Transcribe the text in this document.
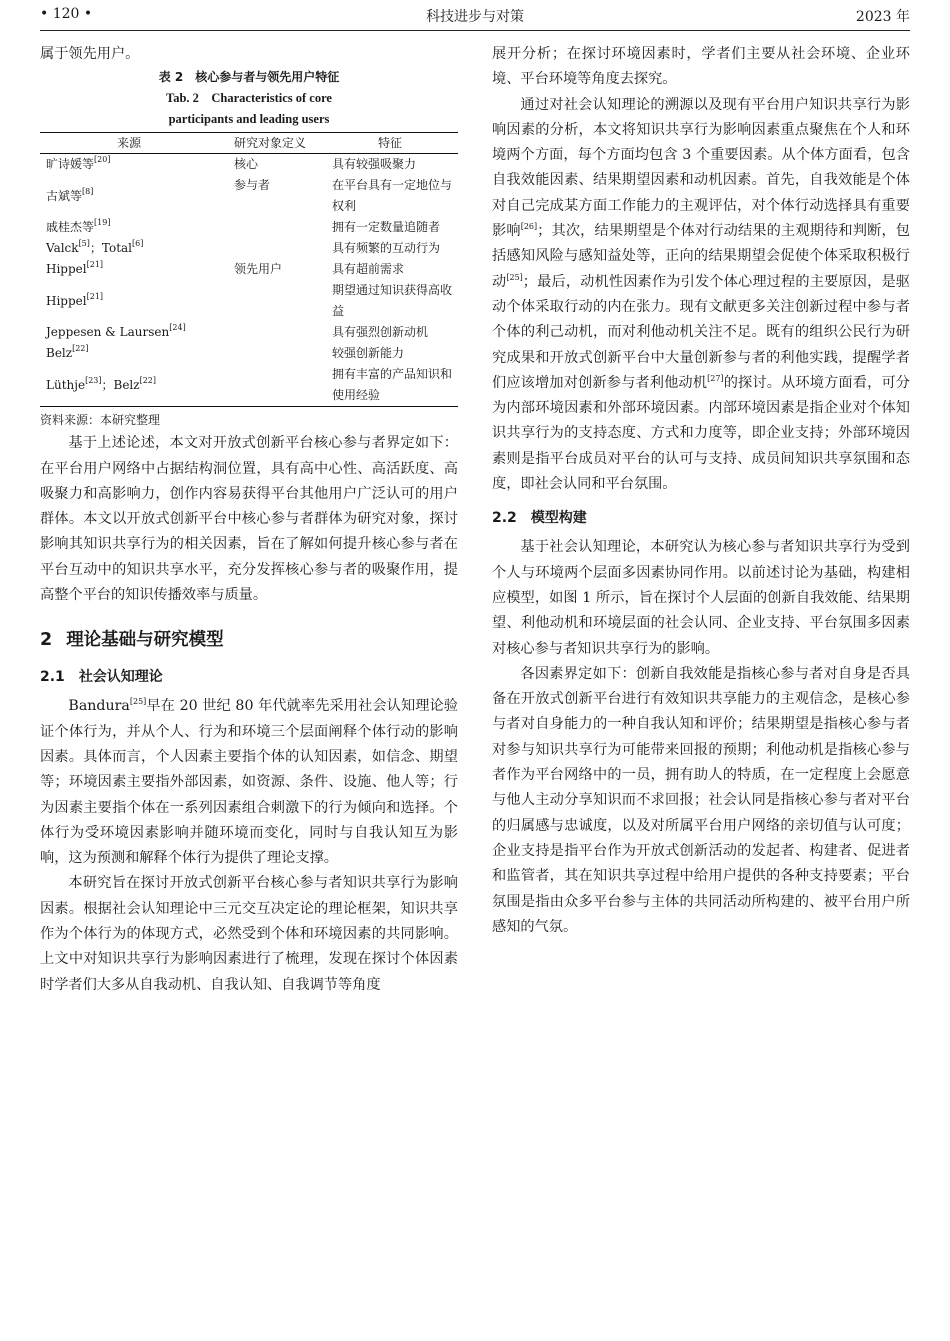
• 120 •	科技进步与对策	2023 年

属于领先用户。

表 2　核心参与者与领先用户特征
Tab. 2　Characteristics of core
participants and leading users
来源	研究对象定义	特征
旷诗媛等[20]	核心	具有较强吸聚力
古斌等[8]	参与者	在平台具有一定地位与权利
戚桂杰等[19]		拥有一定数量追随者
Valck[5]；Total[6]		具有频繁的互动行为
Hippel[21]	领先用户	具有超前需求
Hippel[21]		期望通过知识获得高收益
Jeppesen & Laursen[24]		具有强烈创新动机
Belz[22]		较强创新能力
Lüthje[23]；Belz[22]		拥有丰富的产品知识和使用经验
资料来源：本研究整理

基于上述论述，本文对开放式创新平台核心参与者界定如下：在平台用户网络中占据结构洞位置，具有高中心性、高活跃度、高吸聚力和高影响力，创作内容易获得平台其他用户广泛认可的用户群体。本文以开放式创新平台中核心参与者群体为研究对象，探讨影响其知识共享行为的相关因素，旨在了解如何提升核心参与者在平台互动中的知识共享水平，充分发挥核心参与者的吸聚作用，提高整个平台的知识传播效率与质量。

2 理论基础与研究模型
2.1 社会认知理论

Bandura[25]早在 20 世纪 80 年代就率先采用社会认知理论验证个体行为，并从个人、行为和环境三个层面阐释个体行动的影响因素。具体而言，个人因素主要指个体的认知因素，如信念、期望等；环境因素主要指外部因素，如资源、条件、设施、他人等；行为因素主要指个体在一系列因素组合刺激下的行为倾向和选择。个体行为受环境因素影响并随环境而变化，同时与自我认知互为影响，这为预测和解释个体行为提供了理论支撑。

本研究旨在探讨开放式创新平台核心参与者知识共享行为影响因素。根据社会认知理论中三元交互决定论的理论框架，知识共享作为个体行为的体现方式，必然受到个体和环境因素的共同影响。上文中对知识共享行为影响因素进行了梳理，发现在探讨个体因素时学者们大多从自我动机、自我认知、自我调节等角度

展开分析；在探讨环境因素时，学者们主要从社会环境、企业环境、平台环境等角度去探究。

通过对社会认知理论的溯源以及现有平台用户知识共享行为影响因素的分析，本文将知识共享行为影响因素重点聚焦在个人和环境两个方面，每个方面均包含 3 个重要因素。从个体方面看，包含自我效能因素、结果期望因素和动机因素。首先，自我效能是个体对自己完成某方面工作能力的主观评估，对个体行动选择具有重要影响[26]；其次，结果期望是个体对行动结果的主观期待和判断，包括感知风险与感知益处等，正向的结果期望会促使个体采取积极行动[25]；最后，动机性因素作为引发个体心理过程的主要原因，是驱动个体采取行动的内在张力。现有文献更多关注创新过程中参与者个体的利己动机，而对利他动机关注不足。既有的组织公民行为研究成果和开放式创新平台中大量创新参与者的利他实践，提醒学者们应该增加对创新参与者利他动机[27]的探讨。从环境方面看，可分为内部环境因素和外部环境因素。内部环境因素是指企业对个体知识共享行为的支持态度、方式和力度等，即企业支持；外部环境因素则是指平台成员对平台的认可与支持、成员间知识共享氛围和态度，即社会认同和平台氛围。

2.2 模型构建

基于社会认知理论，本研究认为核心参与者知识共享行为受到个人与环境两个层面多因素协同作用。以前述讨论为基础，构建相应模型，如图 1 所示，旨在探讨个人层面的创新自我效能、结果期望、利他动机和环境层面的社会认同、企业支持、平台氛围多因素对核心参与者知识共享行为的影响。

各因素界定如下：创新自我效能是指核心参与者对自身是否具备在开放式创新平台进行有效知识共享能力的主观信念，是核心参与者对自身能力的一种自我认知和评价；结果期望是指核心参与者对参与知识共享行为可能带来回报的预期；利他动机是指核心参与者作为平台网络中的一员，拥有助人的特质，在一定程度上会愿意与他人主动分享知识而不求回报；社会认同是指核心参与者对平台的归属感与忠诚度，以及对所属平台用户网络的亲切值与认可度；企业支持是指平台作为开放式创新活动的发起者、构建者、促进者和监管者，其在知识共享过程中给用户提供的各种支持要素；平台氛围是指由众多平台参与主体的共同活动所构建的、被平台用户所感知的气氛。
